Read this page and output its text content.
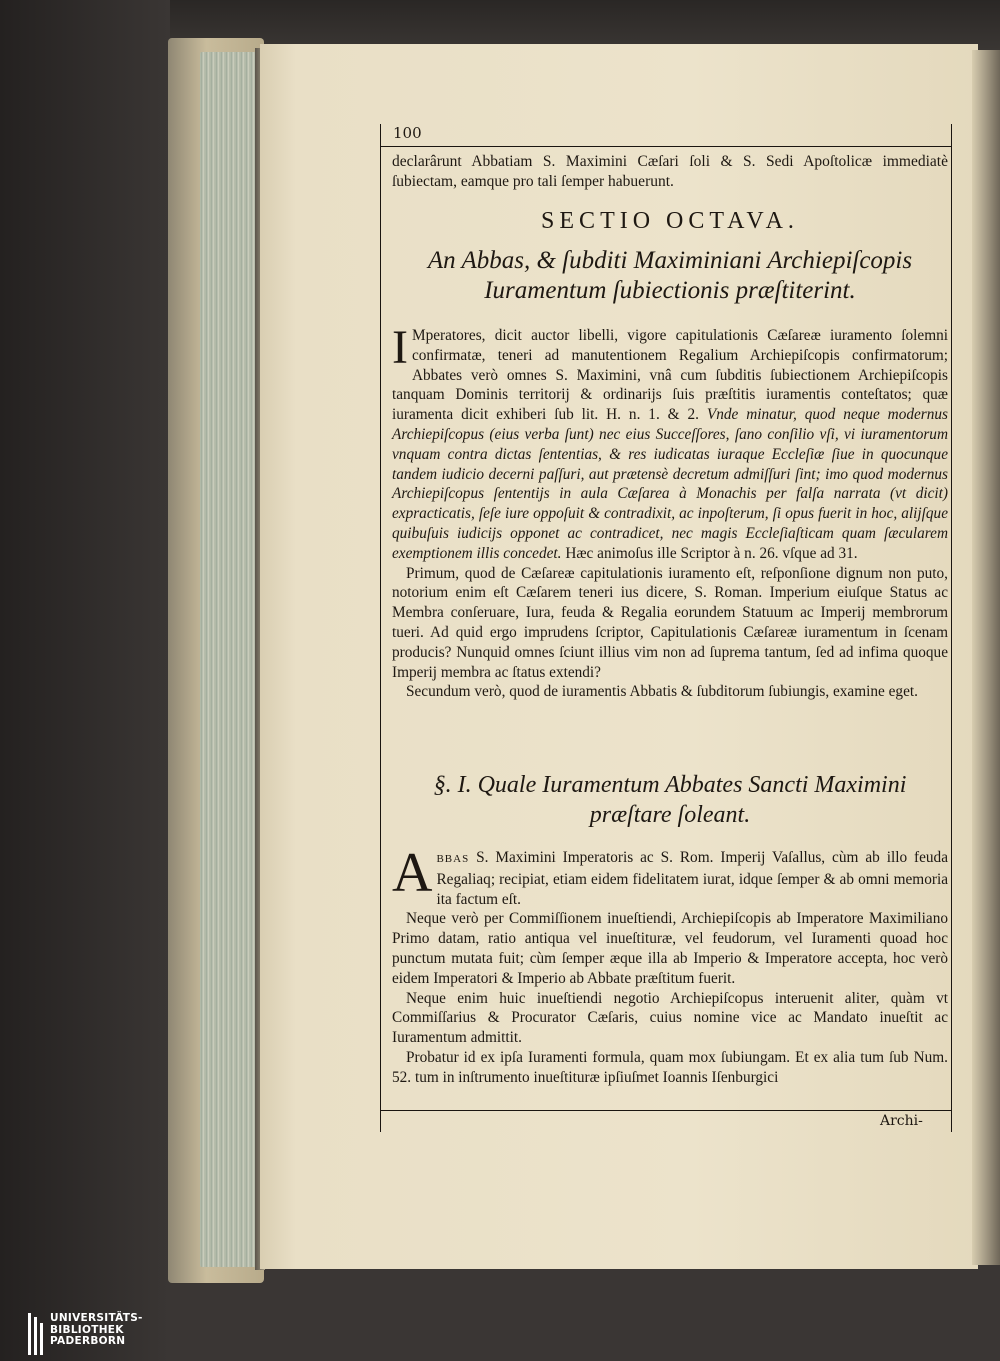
100

declarârunt Abbatiam S. Maximini Cæſari ſoli & S. Sedi Apoſtolicæ immediatè ſubiectam, eamque pro tali ſemper habuerunt.

SECTIO OCTAVA.
An Abbas, & ſubditi Maximiniani Archiepiſcopis Iuramentum ſubiectionis præſtiterint.

I Mperatores, dicit auctor libelli, vigore capitulationis Cæſareæ iuramento ſolemni confirmatæ, teneri ad manutentionem Regalium Archiepiſcopis confirmatorum; Abbates verò omnes S. Maximini, vnâ cum ſubditis ſubiectionem Archiepiſcopis tanquam Dominis territorij & ordinarijs ſuis præſtitis iuramentis conteſtatos; quæ iuramenta dicit exhiberi ſub lit. H. n. 1. & 2. Vnde minatur, quod neque modernus Archiepiſcopus (eius verba ſunt) nec eius Succeſſores, ſano conſilio vſi, vi iuramentorum vnquam contra dictas ſententias, & res iudicatas iuraque Eccleſiæ ſiue in quocunque tandem iudicio decerni paſſuri, aut prætensè decretum admiſſuri ſint; imo quod modernus Archiepiſcopus ſententijs in aula Cæſarea à Monachis per falſa narrata (vt dicit) expracticatis, ſeſe iure oppoſuit & contradixit, ac inpoſterum, ſi opus fuerit in hoc, alijſque quibuſuis iudicijs opponet ac contradicet, nec magis Eccleſiaſticam quam ſæcularem exemptionem illis concedet. Hæc animoſus ille Scriptor à n. 26. vſque ad 31.

Primum, quod de Cæſareæ capitulationis iuramento eſt, reſponſione dignum non puto, notorium enim eſt Cæſarem teneri ius dicere, S. Roman. Imperium eiuſque Status ac Membra conſeruare, Iura, feuda & Regalia eorundem Statuum ac Imperij membrorum tueri. Ad quid ergo imprudens ſcriptor, Capitulationis Cæſareæ iuramentum in ſcenam producis? Nunquid omnes ſciunt illius vim non ad ſuprema tantum, ſed ad infima quoque Imperij membra ac ſtatus extendi?

Secundum verò, quod de iuramentis Abbatis & ſubditorum ſubiungis, examine eget.

§. I. Quale Iuramentum Abbates Sancti Maximini præſtare ſoleant.

ABBAS S. Maximini Imperatoris ac S. Rom. Imperij Vaſallus, cùm ab illo feuda Regaliaq; recipiat, etiam eidem fidelitatem iurat, idque ſemper & ab omni memoria ita factum eſt.

Neque verò per Commiſſionem inueſtiendi, Archiepiſcopis ab Imperatore Maximiliano Primo datam, ratio antiqua vel inueſtituræ, vel feudorum, vel Iuramenti quoad hoc punctum mutata fuit; cùm ſemper æque illa ab Imperio & Imperatore accepta, hoc verò eidem Imperatori & Imperio ab Abbate præſtitum fuerit.

Neque enim huic inueſtiendi negotio Archiepiſcopus interuenit aliter, quàm vt Commiſſarius & Procurator Cæſaris, cuius nomine vice ac Mandato inueſtit ac Iuramentum admittit.

Probatur id ex ipſa Iuramenti formula, quam mox ſubiungam. Et ex alia tum ſub Num. 52. tum in inſtrumento inueſtituræ ipſiuſmet Ioannis Iſenburgici

Archi-
UNIVERSITÄTS-
BIBLIOTHEK
PADERBORN
